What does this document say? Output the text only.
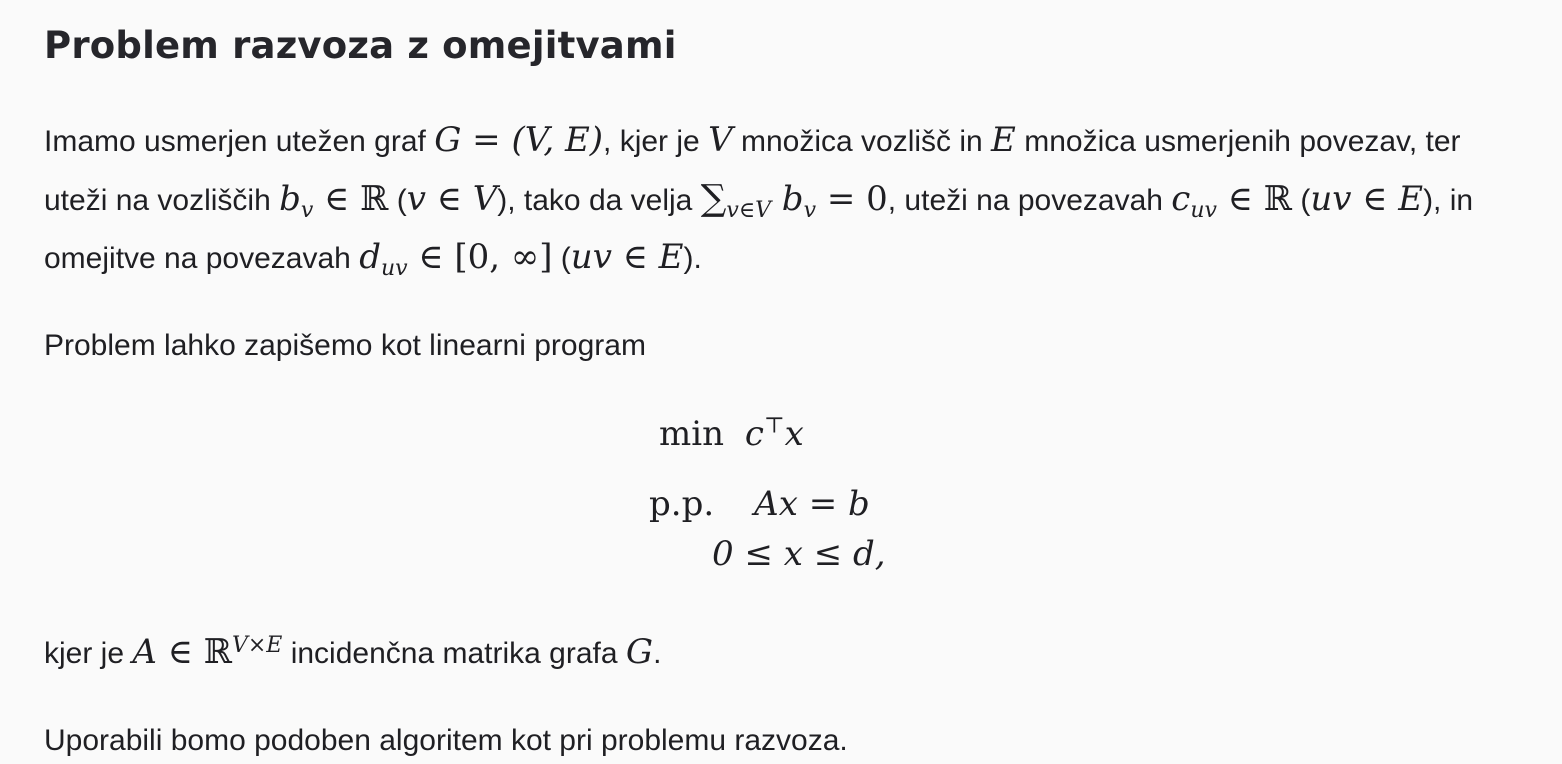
Problem razvoza z omejitvami

Imamo usmerjen utežen graf G = (V, E), kjer je V množica vozlišč in E množica usmerjenih povezav, ter uteži na vozliščih $b_v$ ∈ ℝ (v ∈ V), tako da velja $\sum_{v\in V}$ $b_v = 0$, uteži na povezavah $c_{uv}$ ∈ ℝ (uv ∈ E), in omejitve na povezavah $d_{uv}$ ∈ [0, ∞] (uv ∈ E).

Problem lahko zapišemo kot linearni program

min c⊤x
p.p. Ax = b
0 ≤ x ≤ d,

kjer je A ∈ ℝ$^{V\times E}$ incidenčna matrika grafa G.

Uporabili bomo podoben algoritem kot pri problemu razvoza.
